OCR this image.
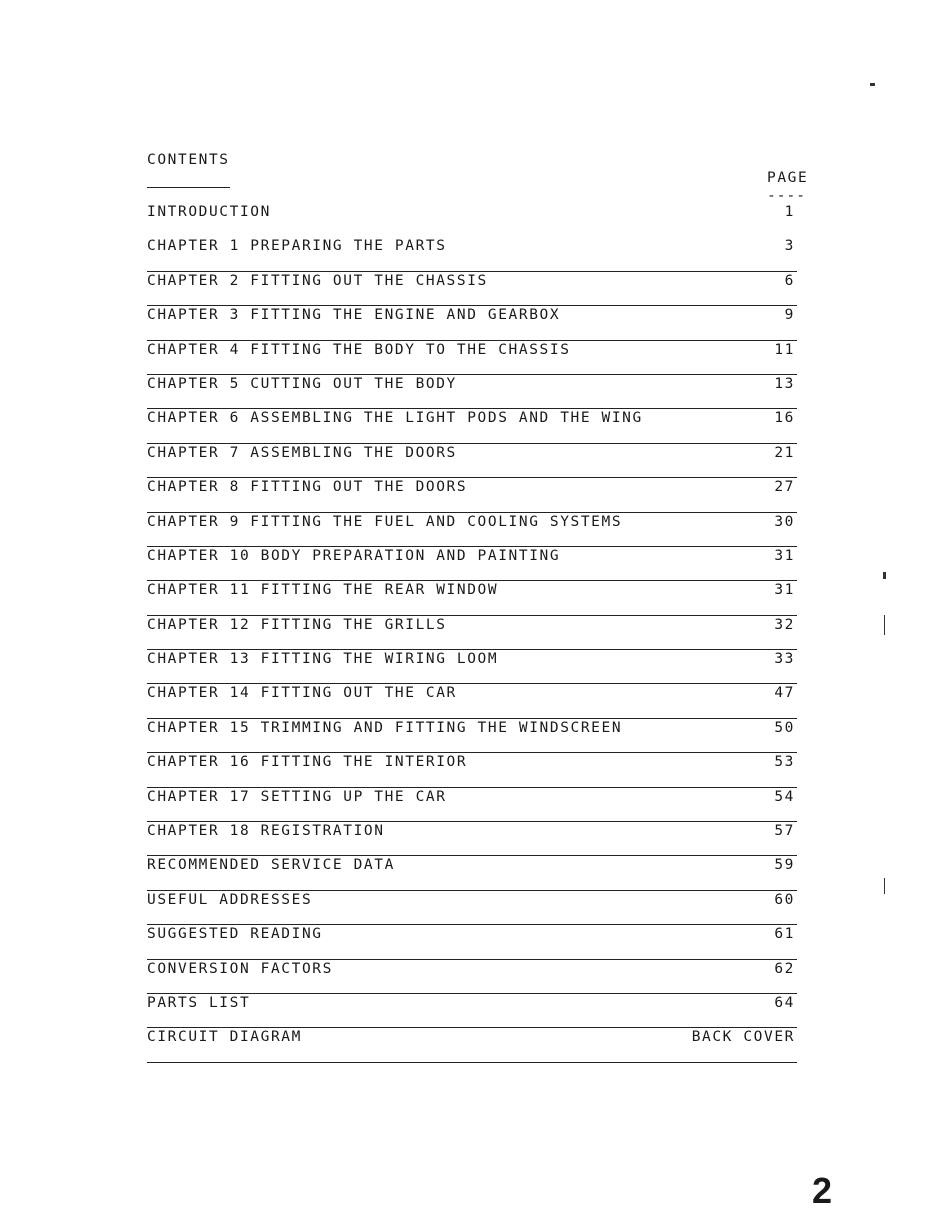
CONTENTS
PAGE
----
INTRODUCTION	1
CHAPTER 1 PREPARING THE PARTS	3
CHAPTER 2 FITTING OUT THE CHASSIS	6
CHAPTER 3 FITTING THE ENGINE AND GEARBOX	9
CHAPTER 4 FITTING THE BODY TO THE CHASSIS	11
CHAPTER 5 CUTTING OUT THE BODY	13
CHAPTER 6 ASSEMBLING THE LIGHT PODS AND THE WING	16
CHAPTER 7 ASSEMBLING THE DOORS	21
CHAPTER 8 FITTING OUT THE DOORS	27
CHAPTER 9 FITTING THE FUEL AND COOLING SYSTEMS	30
CHAPTER 10 BODY PREPARATION AND PAINTING	31
CHAPTER 11 FITTING THE REAR WINDOW	31
CHAPTER 12 FITTING THE GRILLS	32
CHAPTER 13 FITTING THE WIRING LOOM	33
CHAPTER 14 FITTING OUT THE CAR	47
CHAPTER 15 TRIMMING AND FITTING THE WINDSCREEN	50
CHAPTER 16 FITTING THE INTERIOR	53
CHAPTER 17 SETTING UP THE CAR	54
CHAPTER 18 REGISTRATION	57
RECOMMENDED SERVICE DATA	59
USEFUL ADDRESSES	60
SUGGESTED READING	61
CONVERSION FACTORS	62
PARTS LIST	64
CIRCUIT DIAGRAM	BACK COVER
2
